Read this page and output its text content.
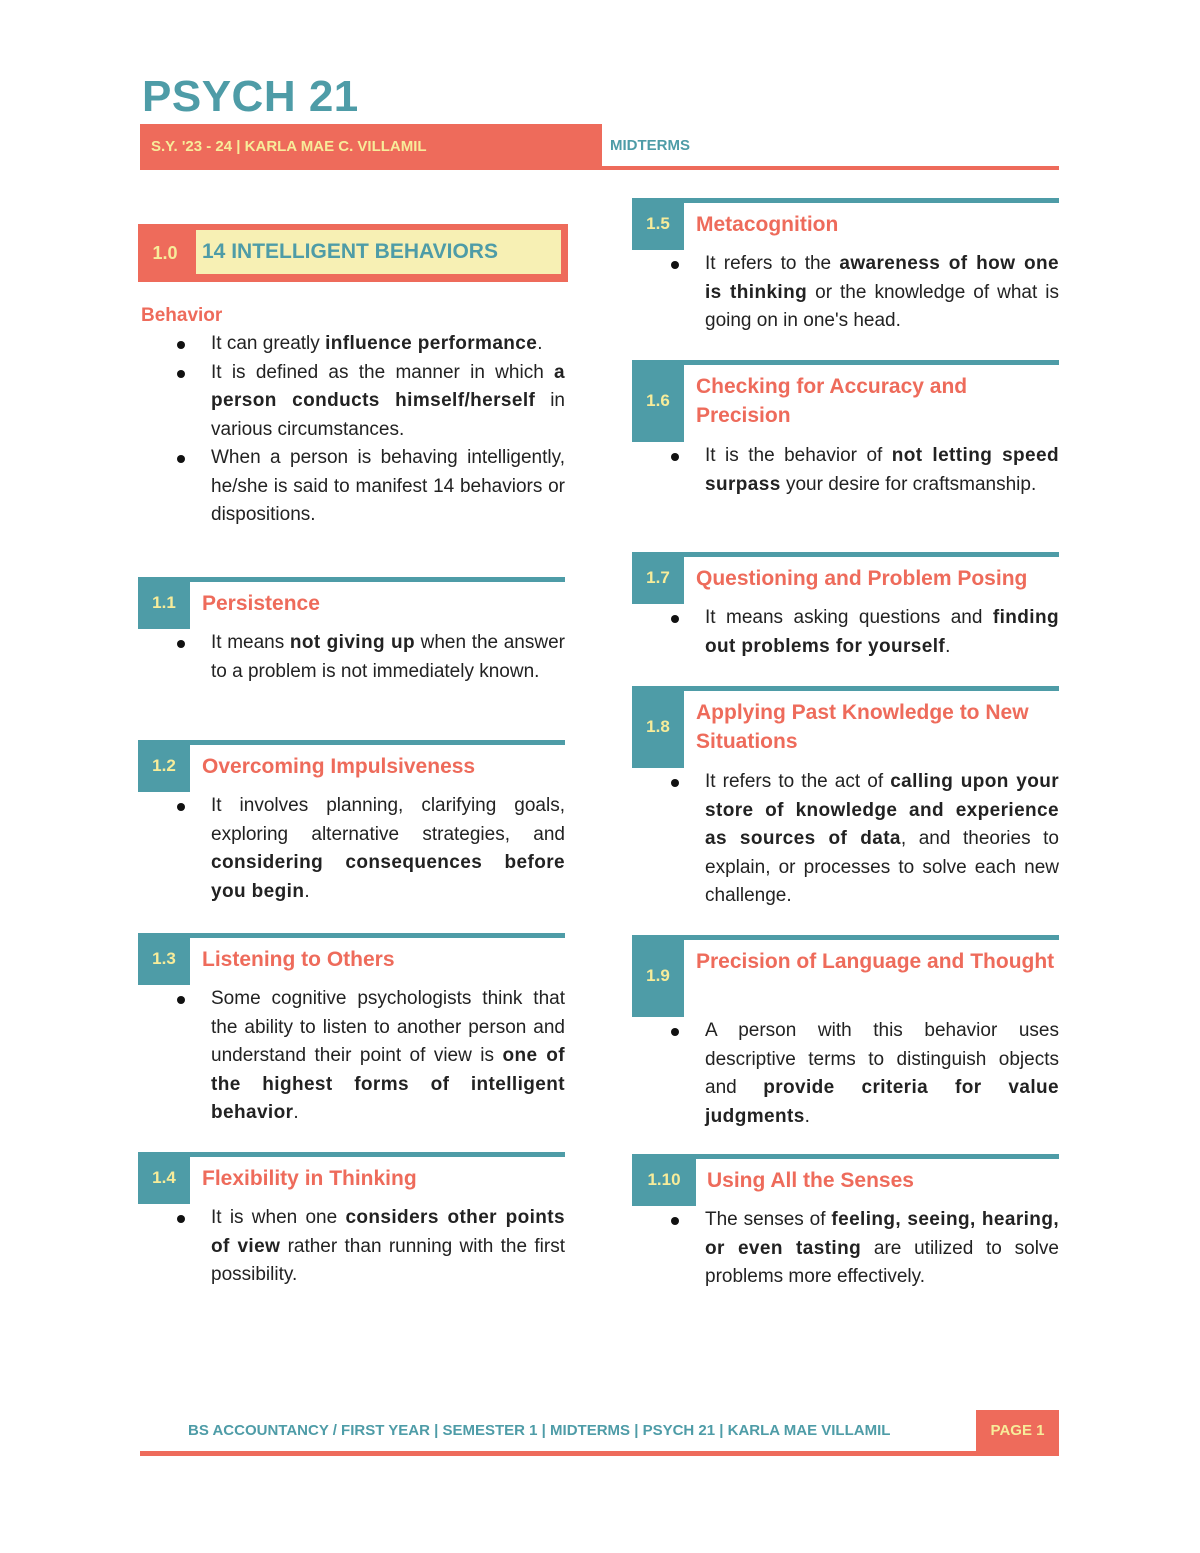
PSYCH 21
S.Y. '23 - 24 | KARLA MAE C. VILLAMIL	MIDTERMS
1.0	14 INTELLIGENT BEHAVIORS
Behavior
It can greatly influence performance.
It is defined as the manner in which a person conducts himself/herself in various circumstances.
When a person is behaving intelligently, he/she is said to manifest 14 behaviors or dispositions.
1.1	Persistence
It means not giving up when the answer to a problem is not immediately known.
1.2	Overcoming Impulsiveness
It involves planning, clarifying goals, exploring alternative strategies, and considering consequences before you begin.
1.3	Listening to Others
Some cognitive psychologists think that the ability to listen to another person and understand their point of view is one of the highest forms of intelligent behavior.
1.4	Flexibility in Thinking
It is when one considers other points of view rather than running with the first possibility.
1.5	Metacognition
It refers to the awareness of how one is thinking or the knowledge of what is going on in one's head.
1.6
Checking for Accuracy and Precision
It is the behavior of not letting speed surpass your desire for craftsmanship.
1.7	Questioning and Problem Posing
It means asking questions and finding out problems for yourself.
1.8
Applying Past Knowledge to New Situations
It refers to the act of calling upon your store of knowledge and experience as sources of data, and theories to explain, or processes to solve each new challenge.
1.9
Precision of Language and Thought
A person with this behavior uses descriptive terms to distinguish objects and provide criteria for value judgments.
1.10	Using All the Senses
The senses of feeling, seeing, hearing, or even tasting are utilized to solve problems more effectively.
BS ACCOUNTANCY / FIRST YEAR | SEMESTER 1 | MIDTERMS | PSYCH 21 | KARLA MAE VILLAMIL	PAGE 1
